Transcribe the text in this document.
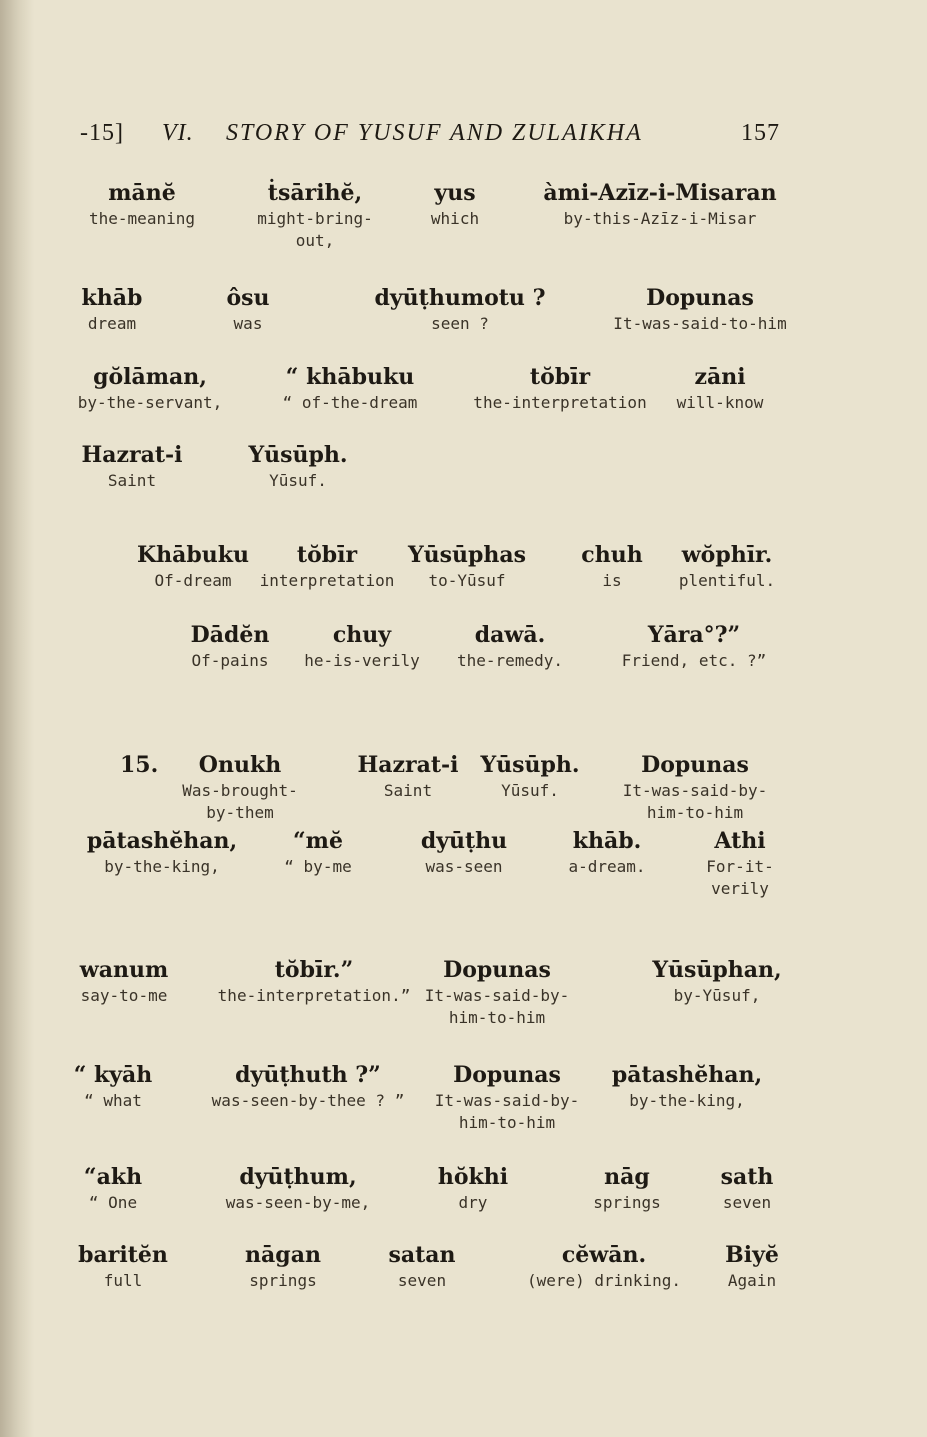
-15] VI. STORY OF YUSUF AND ZULAIKHA	157
mānĕ
the-meaning
ṫsārihĕ,
might-bring-
out,
yus
which
àmi-Azīz-i-Misaran
by-this-Azīz-i-Misar
khāb
dream
ôsu
was
dyūṭhumotu ?
seen ?
Dopunas
It-was-said-to-him
gŏlāman,
by-the-servant,
“ khābuku
“ of-the-dream
tŏbīr
the-interpretation
zāni
will-know
Hazrat-i
Saint
Yūsūph.
Yūsuf.
Khābuku
Of-dream
tŏbīr
interpretation
Yūsūphas
to-Yūsuf
chuh
is
wŏphīr.
plentiful.
Dādĕn
Of-pains
chuy
he-is-verily
dawā.
the-remedy.
Yāra°?”
Friend, etc. ?”
15.	Onukh
Was-brought-
by-them
Hazrat-i
Saint
Yūsūph.
Yūsuf.
Dopunas
It-was-said-by-
him-to-him
pātashĕhan,
by-the-king,
“mĕ
“ by-me
dyūṭhu
was-seen
khāb.
a-dream.
Athi
For-it-
verily
wanum
say-to-me
tŏbīr.”
the-interpretation.”
Dopunas
It-was-said-by-
him-to-him
Yūsūphan,
by-Yūsuf,
“ kyāh
“ what
dyūṭhuth ?”
was-seen-by-thee ? ”
Dopunas
It-was-said-by-
him-to-him
pātashĕhan,
by-the-king,
“akh
“ One
dyūṭhum,
was-seen-by-me,
hŏkhi
dry
nāg
springs
sath
seven
baritĕn
full
nāgan
springs
satan
seven
cĕwān.
(were) drinking.
Biyĕ
Again
